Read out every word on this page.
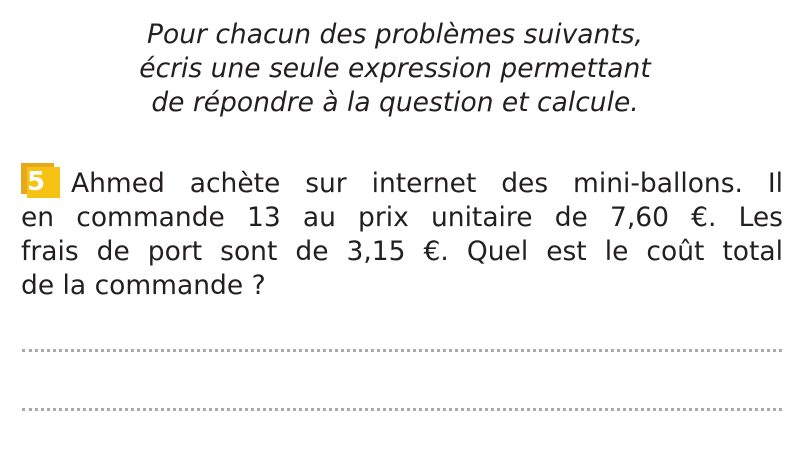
Pour chacun des problèmes suivants,
écris une seule expression permettant
de répondre à la question et calcule.
5 Ahmed achète sur internet des mini-ballons. Il
en commande 13 au prix unitaire de 7,60 €. Les
frais de port sont de 3,15 €. Quel est le coût total
de la commande ?
